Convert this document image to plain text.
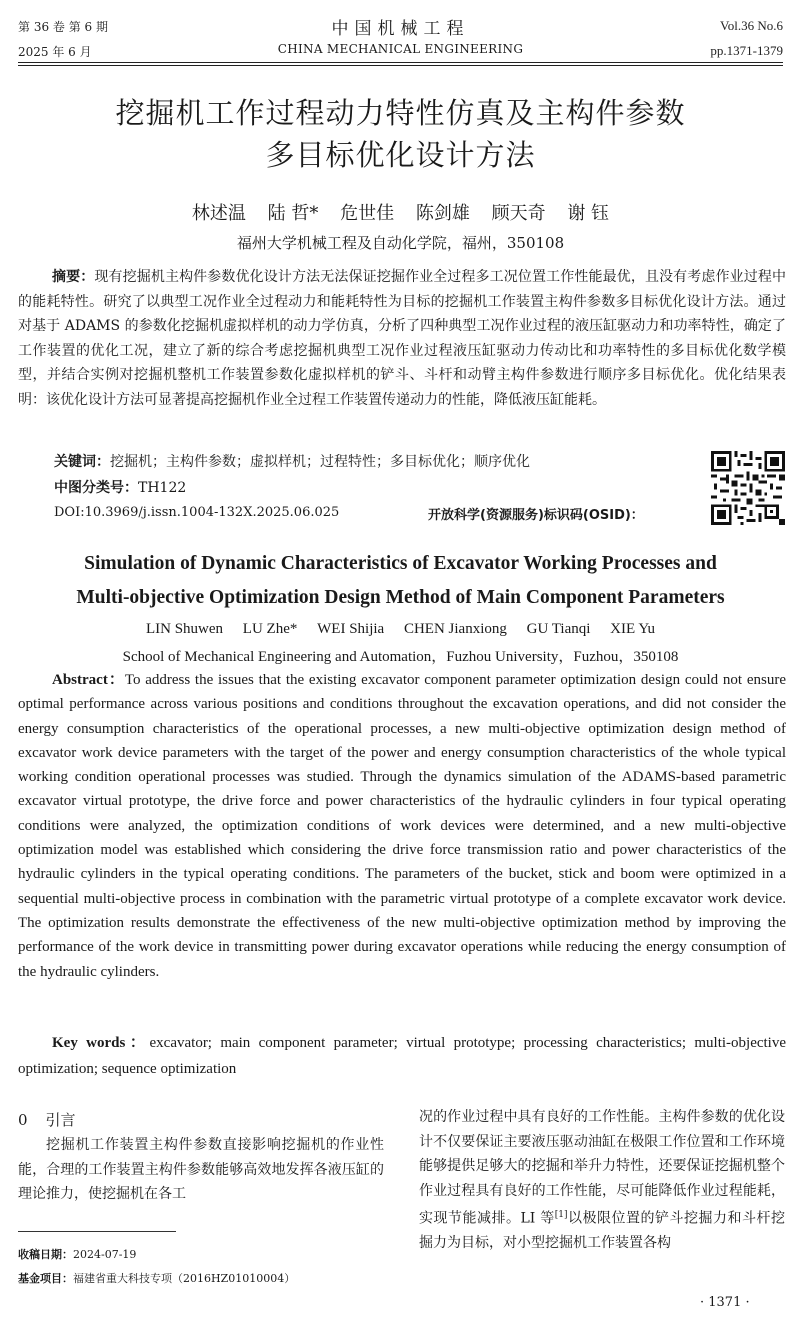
第 36 卷 第 6 期
2025 年 6 月
中国机械工程
CHINA MECHANICAL ENGINEERING
Vol.36 No.6
pp.1371-1379
挖掘机工作过程动力特性仿真及主构件参数
多目标优化设计方法
林述温 陆 哲* 危世佳 陈剑雄 顾天奇 谢 钰
福州大学机械工程及自动化学院，福州，350108
摘要：现有挖掘机主构件参数优化设计方法无法保证挖掘作业全过程多工况位置工作性能最优，且没有考虑作业过程中的能耗特性。研究了以典型工况作业全过程动力和能耗特性为目标的挖掘机工作装置主构件参数多目标优化设计方法。通过对基于 ADAMS 的参数化挖掘机虚拟样机的动力学仿真，分析了四种典型工况作业过程的液压缸驱动力和功率特性，确定了工作装置的优化工况，建立了新的综合考虑挖掘机典型工况作业过程液压缸驱动力传动比和功率特性的多目标优化数学模型，并结合实例对挖掘机整机工作装置参数化虚拟样机的铲斗、斗杆和动臂主构件参数进行顺序多目标优化。优化结果表明：该优化设计方法可显著提高挖掘机作业全过程工作装置传递动力的性能，降低液压缸能耗。
关键词：挖掘机；主构件参数；虚拟样机；过程特性；多目标优化；顺序优化
中图分类号：TH122
DOI:10.3969/j.issn.1004-132X.2025.06.025	开放科学(资源服务)标识码(OSID)：
Simulation of Dynamic Characteristics of Excavator Working Processes and
Multi-objective Optimization Design Method of Main Component Parameters
LIN Shuwen LU Zhe* WEI Shijia CHEN Jianxiong GU Tianqi XIE Yu
School of Mechanical Engineering and Automation，Fuzhou University，Fuzhou，350108
Abstract：To address the issues that the existing excavator component parameter optimization design could not ensure optimal performance across various positions and conditions throughout the excavation operations, and did not consider the energy consumption characteristics of the operational processes, a new multi-objective optimization design method of excavator work device parameters with the target of the power and energy consumption characteristics of the whole typical working condition operational processes was studied. Through the dynamics simulation of the ADAMS-based parametric excavator virtual prototype, the drive force and power characteristics of the hydraulic cylinders in four typical operating conditions were analyzed, the optimization conditions of work devices were determined, and a new multi-objective optimization model was established which considering the drive force transmission ratio and power characteristics of the hydraulic cylinders in the typical operating conditions. The parameters of the bucket, stick and boom were optimized in a sequential multi-objective process in combination with the parametric virtual prototype of a complete excavator work device. The optimization results demonstrate the effectiveness of the new multi-objective optimization method by improving the performance of the work device in transmitting power during excavator operations while reducing the energy consumption of the hydraulic cylinders.
Key words：excavator; main component parameter; virtual prototype; processing characteristics; multi-objective optimization; sequence optimization
0 引言
挖掘机工作装置主构件参数直接影响挖掘机的作业性能，合理的工作装置主构件参数能够高效地发挥各液压缸的理论推力，使挖掘机在各工
况的作业过程中具有良好的工作性能。主构件参数的优化设计不仅要保证主要液压驱动油缸在极限工作位置和工作环境能够提供足够大的挖掘和举升力特性，还要保证挖掘机整个作业过程具有良好的工作性能，尽可能降低作业过程能耗，实现节能减排。LI 等[1]以极限位置的铲斗挖掘力和斗杆挖掘力为目标，对小型挖掘机工作装置各构
收稿日期：2024-07-19
基金项目：福建省重大科技专项（2016HZ01010004）
· 1371 ·
